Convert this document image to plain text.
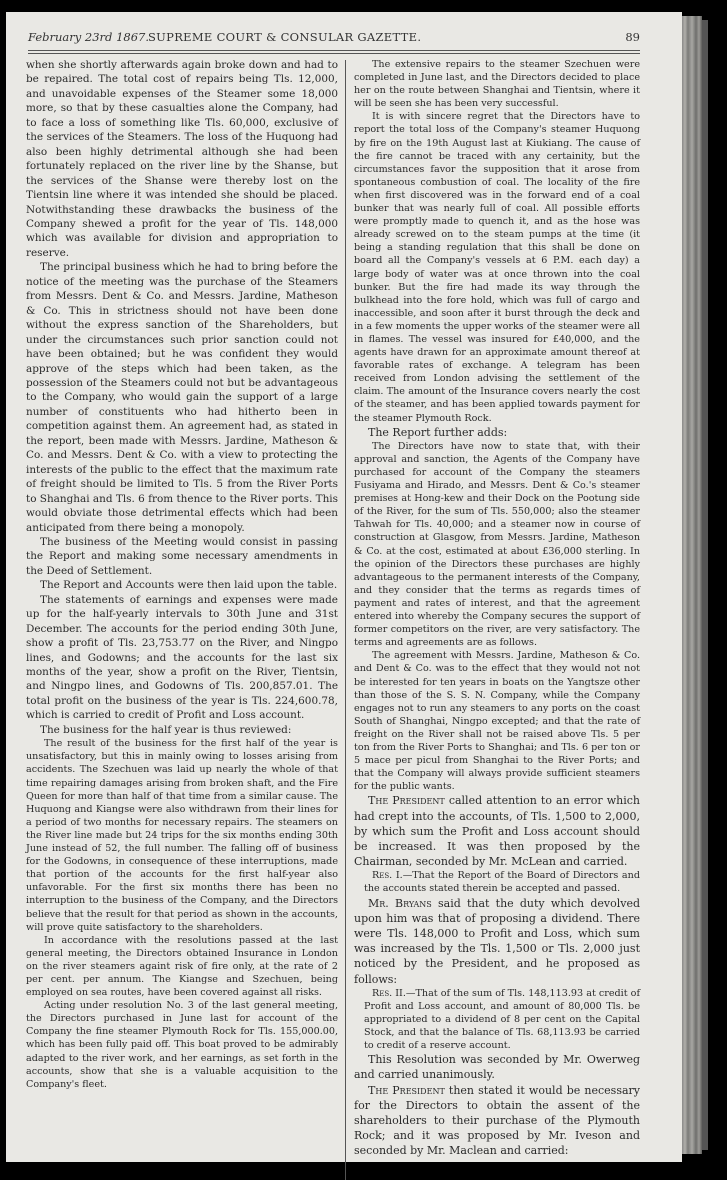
February 23rd 1867. SUPREME COURT & CONSULAR GAZETTE.	89

when she shortly afterwards again broke down and had to be repaired. The total cost of repairs being Tls. 12,000, and unavoidable expenses of the Steamer some 18,000 more, so that by these casualties alone the Company, had to face a loss of something like Tls. 60,000, exclusive of the services of the Steamers. The loss of the Huquong had also been highly detrimental although she had been fortunately replaced on the river line by the Shanse, but the services of the Shanse were thereby lost on the Tientsin line where it was intended she should be placed. Notwithstanding these drawbacks the business of the Company shewed a profit for the year of Tls. 148,000 which was available for division and appropriation to reserve.

The principal business which he had to bring before the notice of the meeting was the purchase of the Steamers from Messrs. Dent & Co. and Messrs. Jardine, Matheson & Co. This in strictness should not have been done without the express sanction of the Shareholders, but under the circumstances such prior sanction could not have been obtained; but he was confident they would approve of the steps which had been taken, as the possession of the Steamers could not but be advantageous to the Company, who would gain the support of a large number of constituents who had hitherto been in competition against them. An agreement had, as stated in the report, been made with Messrs. Jardine, Matheson & Co. and Messrs. Dent & Co. with a view to protecting the interests of the public to the effect that the maximum rate of freight should be limited to Tls. 5 from the River Ports to Shanghai and Tls. 6 from thence to the River ports. This would obviate those detrimental effects which had been anticipated from there being a monopoly.

The business of the Meeting would consist in passing the Report and making some necessary amendments in the Deed of Settlement.

The Report and Accounts were then laid upon the table.

The statements of earnings and expenses were made up for the half-yearly intervals to 30th June and 31st December. The accounts for the period ending 30th June, show a profit of Tls. 23,753.77 on the River, and Ningpo lines, and Godowns; and the accounts for the last six months of the year, show a profit on the River, Tientsin, and Ningpo lines, and Godowns of Tls. 200,857.01. The total profit on the business of the year is Tls. 224,600.78, which is carried to credit of Profit and Loss account.

The business for the half year is thus reviewed:

The result of the business for the first half of the year is unsatisfactory, but this in mainly owing to losses arising from accidents. The Szechuen was laid up nearly the whole of that time repairing damages arising from broken shaft, and the Fire Queen for more than half of that time from a similar cause. The Huquong and Kiangse were also withdrawn from their lines for a period of two months for necessary repairs. The steamers on the River line made but 24 trips for the six months ending 30th June instead of 52, the full number. The falling off of business for the Godowns, in consequence of these interruptions, made that portion of the accounts for the first half-year also unfavorable. For the first six months there has been no interruption to the business of the Company, and the Directors believe that the result for that period as shown in the accounts, will prove quite satisfactory to the shareholders.

In accordance with the resolutions passed at the last general meeting, the Directors obtained Insurance in London on the river steamers againt risk of fire only, at the rate of 2 per cent. per annum. The Kiangse and Szechuen, being employed on sea routes, have been covered against all risks.

Acting under resolution No. 3 of the last general meeting, the Directors purchased in June last for account of the Company the fine steamer Plymouth Rock for Tls. 155,000.00, which has been fully paid off. This boat proved to be admirably adapted to the river work, and her earnings, as set forth in the accounts, show that she is a valuable acquisition to the Company's fleet.

The extensive repairs to the steamer Szechuen were completed in June last, and the Directors decided to place her on the route between Shanghai and Tientsin, where it will be seen she has been very successful.

It is with sincere regret that the Directors have to report the total loss of the Company's steamer Huquong by fire on the 19th August last at Kiukiang. The cause of the fire cannot be traced with any certainity, but the circumstances favor the supposition that it arose from spontaneous combustion of coal. The locality of the fire when first discovered was in the forward end of a coal bunker that was nearly full of coal. All possible efforts were promptly made to quench it, and as the hose was already screwed on to the steam pumps at the time (it being a standing regulation that this shall be done on board all the Company's vessels at 6 P.M. each day) a large body of water was at once thrown into the coal bunker. But the fire had made its way through the bulkhead into the fore hold, which was full of cargo and inaccessible, and soon after it burst through the deck and in a few moments the upper works of the steamer were all in flames. The vessel was insured for £40,000, and the agents have drawn for an approximate amount thereof at favorable rates of exchange. A telegram has been received from London advising the settlement of the claim. The amount of the Insurance covers nearly the cost of the steamer, and has been applied towards payment for the steamer Plymouth Rock.

The Report further adds:

The Directors have now to state that, with their approval and sanction, the Agents of the Company have purchased for account of the Company the steamers Fusiyama and Hirado, and Messrs. Dent & Co.'s steamer premises at Hong-kew and their Dock on the Pootung side of the River, for the sum of Tls. 550,000; also the steamer Tahwah for Tls. 40,000; and a steamer now in course of construction at Glasgow, from Messrs. Jardine, Matheson & Co. at the cost, estimated at about £36,000 sterling. In the opinion of the Directors these purchases are highly advantageous to the permanent interests of the Company, and they consider that the terms as regards times of payment and rates of interest, and that the agreement entered into whereby the Company secures the support of former competitors on the river, are very satisfactory. The terms and agreements are as follows.

The agreement with Messrs. Jardine, Matheson & Co. and Dent & Co. was to the effect that they would not not be interested for ten years in boats on the Yangtsze other than those of the S. S. N. Company, while the Company engages not to run any steamers to any ports on the coast South of Shanghai, Ningpo excepted; and that the rate of freight on the River shall not be raised above Tls. 5 per ton from the River Ports to Shanghai; and Tls. 6 per ton or 5 mace per picul from Shanghai to the River Ports; and that the Company will always provide sufficient steamers for the public wants.

The President called attention to an error which had crept into the accounts, of Tls. 1,500 to 2,000, by which sum the Profit and Loss account should be increased. It was then proposed by the Chairman, seconded by Mr. McLean and carried.

Res. I.—That the Report of the Board of Directors and the accounts stated therein be accepted and passed.

Mr. Bryans said that the duty which devolved upon him was that of proposing a dividend. There were Tls. 148,000 to Profit and Loss, which sum was increased by the Tls. 1,500 or Tls. 2,000 just noticed by the President, and he proposed as follows:

Res. II.—That of the sum of Tls. 148,113.93 at credit of Profit and Loss account, and amount of 80,000 Tls. be appropriated to a dividend of 8 per cent on the Capital Stock, and that the balance of Tls. 68,113.93 be carried to credit of a reserve account.

This Resolution was seconded by Mr. Owerweg and carried unanimously.

The President then stated it would be necessary for the Directors to obtain the assent of the shareholders to their purchase of the Plymouth Rock; and it was proposed by Mr. Iveson and seconded by Mr. Maclean and carried:
